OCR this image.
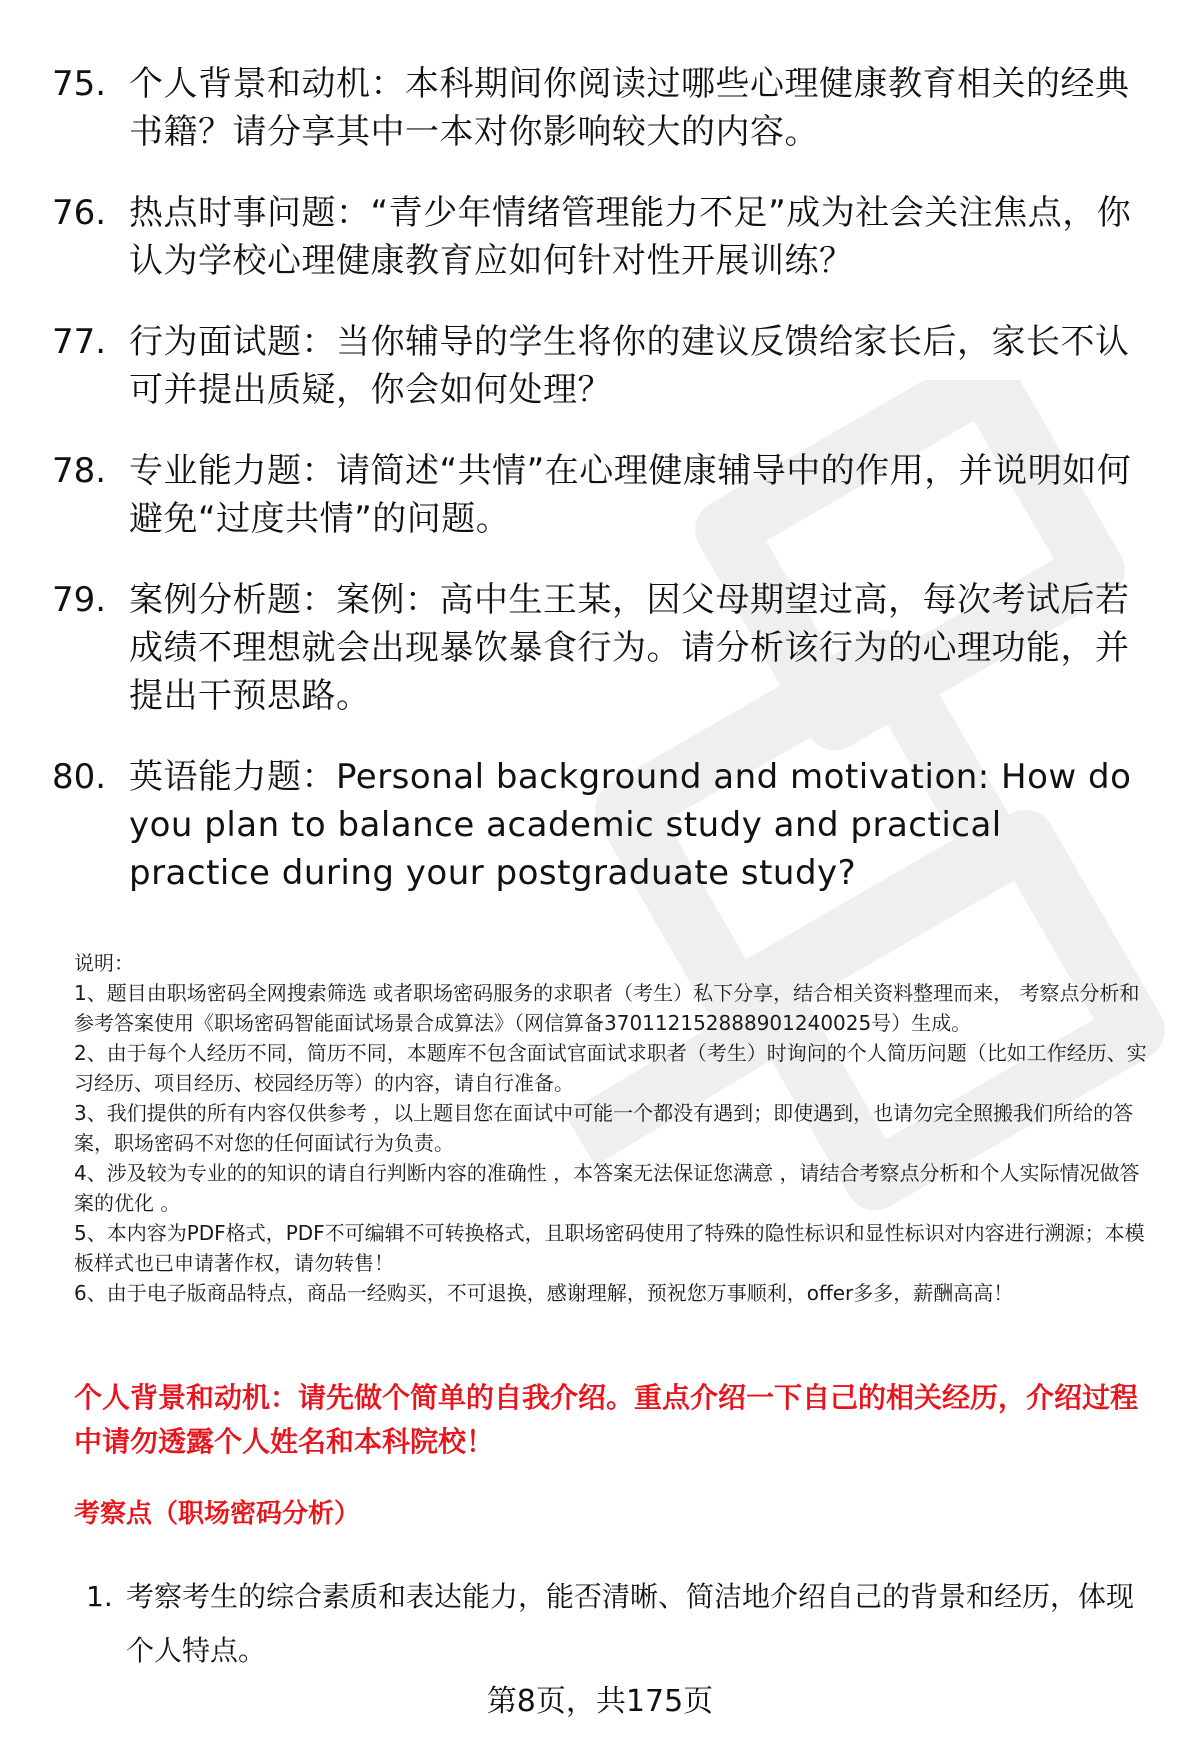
75. 个人背景和动机：本科期间你阅读过哪些心理健康教育相关的经典书籍？请分享其中一本对你影响较大的内容。
76. 热点时事问题：“青少年情绪管理能力不足”成为社会关注焦点，你认为学校心理健康教育应如何针对性开展训练？
77. 行为面试题：当你辅导的学生将你的建议反馈给家长后，家长不认可并提出质疑，你会如何处理？
78. 专业能力题：请简述“共情”在心理健康辅导中的作用，并说明如何避免“过度共情”的问题。
79. 案例分析题：案例：高中生王某，因父母期望过高，每次考试后若成绩不理想就会出现暴饮暴食行为。请分析该行为的心理功能，并提出干预思路。
80. 英语能力题：Personal background and motivation: How do you plan to balance academic study and practical practice during your postgraduate study?

说明：

1、题目由职场密码全网搜索筛选 或者职场密码服务的求职者（考生）私下分享，结合相关资料整理而来， 考察点分析和参考答案使用《职场密码智能面试场景合成算法》（网信算备370112152888901240025号）生成。

2、由于每个人经历不同，简历不同，本题库不包含面试官面试求职者（考生）时询问的个人简历问题（比如工作经历、实习经历、项目经历、校园经历等）的内容，请自行准备。

3、我们提供的所有内容仅供参考 ，以上题目您在面试中可能一个都没有遇到；即使遇到，也请勿完全照搬我们所给的答案，职场密码不对您的任何面试行为负责。

4、涉及较为专业的的知识的请自行判断内容的准确性 ，本答案无法保证您满意 ，请结合考察点分析和个人实际情况做答案的优化 。

5、本内容为PDF格式，PDF不可编辑不可转换格式，且职场密码使用了特殊的隐性标识和显性标识对内容进行溯源；本模板样式也已申请著作权，请勿转售！

6、由于电子版商品特点，商品一经购买，不可退换，感谢理解，预祝您万事顺利，offer多多，薪酬高高！

个人背景和动机：请先做个简单的自我介绍。重点介绍一下自己的相关经历，介绍过程中请勿透露个人姓名和本科院校！
考察点（职场密码分析）
1. 考察考生的综合素质和表达能力，能否清晰、简洁地介绍自己的背景和经历，体现个人特点。
第8页，共175页
